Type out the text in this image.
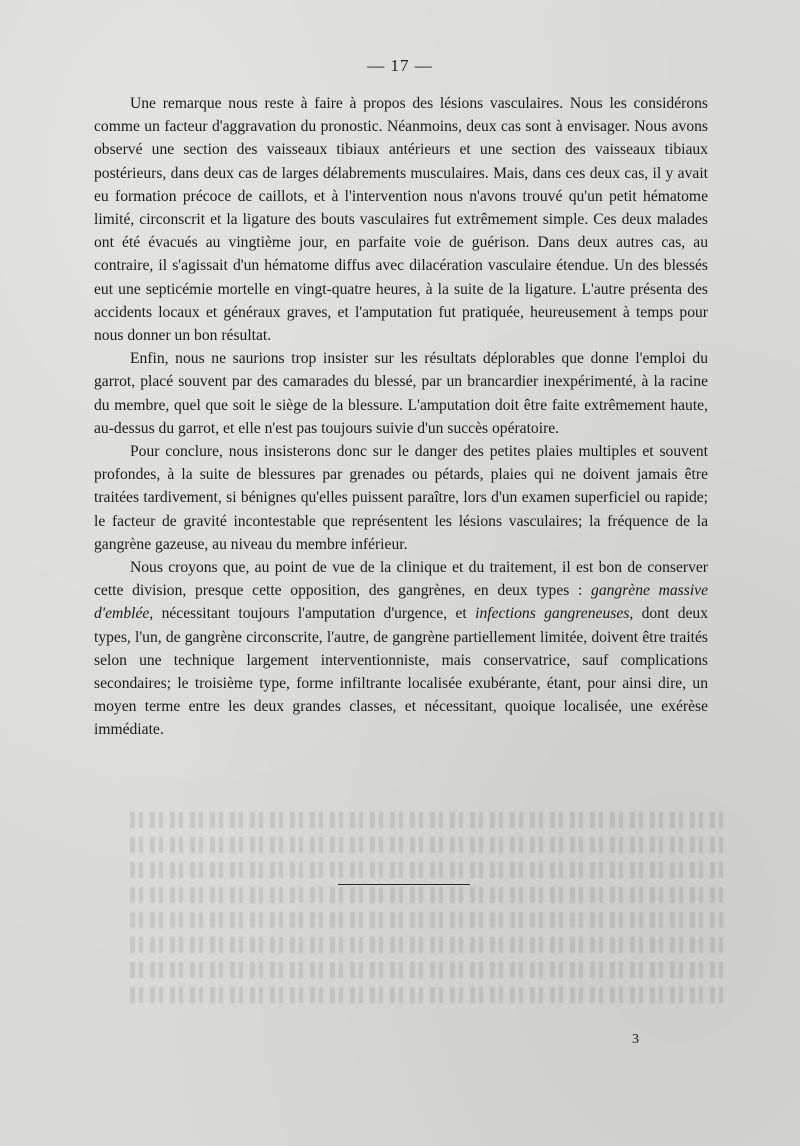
— 17 —

Une remarque nous reste à faire à propos des lésions vasculaires. Nous les considérons comme un facteur d'aggravation du pronostic. Néanmoins, deux cas sont à envisager. Nous avons observé une section des vaisseaux tibiaux antérieurs et une section des vaisseaux tibiaux postérieurs, dans deux cas de larges délabrements musculaires. Mais, dans ces deux cas, il y avait eu formation précoce de caillots, et à l'intervention nous n'avons trouvé qu'un petit hématome limité, circonscrit et la ligature des bouts vasculaires fut extrêmement simple. Ces deux malades ont été évacués au vingtième jour, en parfaite voie de guérison. Dans deux autres cas, au contraire, il s'agissait d'un hématome diffus avec dilacération vasculaire étendue. Un des blessés eut une septicémie mortelle en vingt-quatre heures, à la suite de la ligature. L'autre présenta des accidents locaux et généraux graves, et l'amputation fut pratiquée, heureusement à temps pour nous donner un bon résultat.

Enfin, nous ne saurions trop insister sur les résultats déplorables que donne l'emploi du garrot, placé souvent par des camarades du blessé, par un brancardier inexpérimenté, à la racine du membre, quel que soit le siège de la blessure. L'amputation doit être faite extrêmement haute, au-dessus du garrot, et elle n'est pas toujours suivie d'un succès opératoire.

Pour conclure, nous insisterons donc sur le danger des petites plaies multiples et souvent profondes, à la suite de blessures par grenades ou pétards, plaies qui ne doivent jamais être traitées tardivement, si bénignes qu'elles puissent paraître, lors d'un examen superficiel ou rapide; le facteur de gravité incontestable que représentent les lésions vasculaires; la fréquence de la gangrène gazeuse, au niveau du membre inférieur.

Nous croyons que, au point de vue de la clinique et du traitement, il est bon de conserver cette division, presque cette opposition, des gangrènes, en deux types : gangrène massive d'emblée, nécessitant toujours l'amputation d'urgence, et infections gangreneuses, dont deux types, l'un, de gangrène circonscrite, l'autre, de gangrène partiellement limitée, doivent être traités selon une technique largement interventionniste, mais conservatrice, sauf complications secondaires; le troisième type, forme infiltrante localisée exubérante, étant, pour ainsi dire, un moyen terme entre les deux grandes classes, et nécessitant, quoique localisée, une exérèse immédiate.

3
